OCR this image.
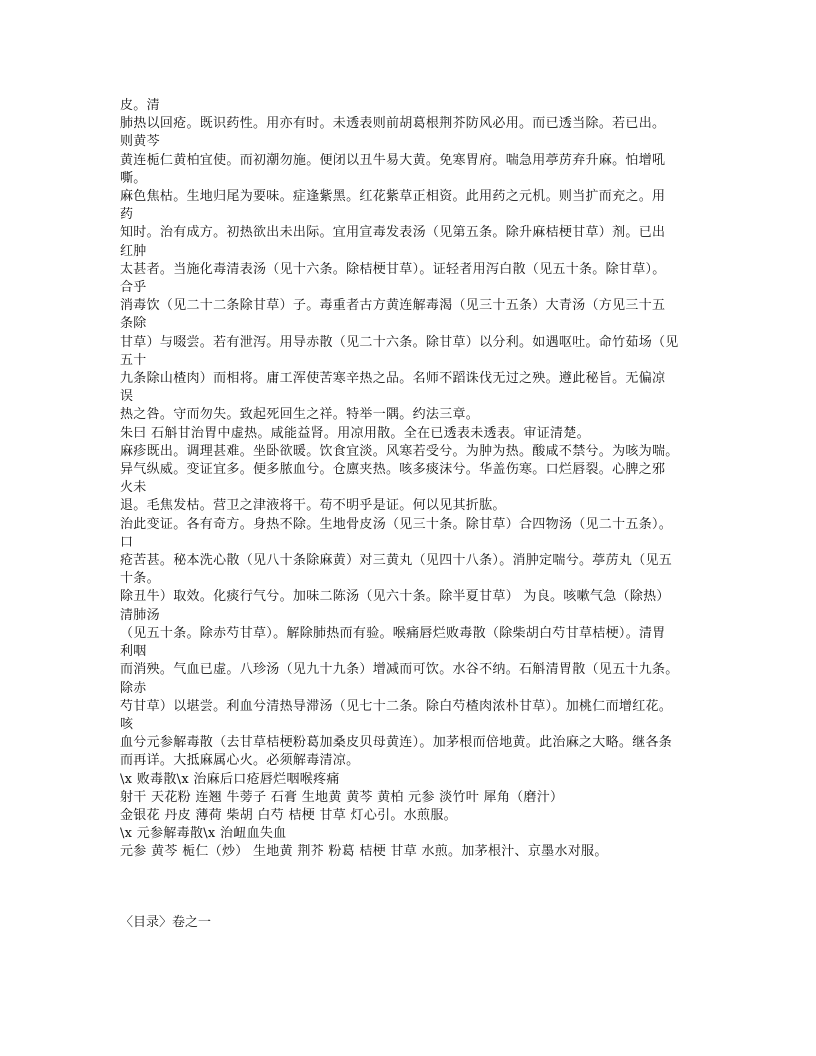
皮。清
肺热以回疮。既识药性。用亦有时。未透表则前胡葛根荆芥防风必用。而已透当除。若已出。
则黄芩
黄连栀仁黄柏宜使。而初潮勿施。便闭以丑牛易大黄。免寒胃府。喘急用葶苈弃升麻。怕增吼
嘶。
麻色焦枯。生地归尾为要味。症逢紫黑。红花紫草正相资。此用药之元机。则当扩而充之。用
药
知时。治有成方。初热欲出未出际。宜用宣毒发表汤（见第五条。除升麻桔梗甘草）剂。已出
红肿
太甚者。当施化毒清表汤（见十六条。除桔梗甘草）。证轻者用泻白散（见五十条。除甘草）。
合乎
消毒饮（见二十二条除甘草）子。毒重者古方黄连解毒渴（见三十五条）大青汤（方见三十五
条除
甘草）与啜尝。若有泄泻。用导赤散（见二十六条。除甘草）以分利。如遇呕吐。命竹茹场（见
五十
九条除山楂肉）而相将。庸工浑使苦寒辛热之品。名师不蹈诛伐无过之殃。遵此秘旨。无偏凉
误
热之咎。守而勿失。致起死回生之祥。特举一隅。约法三章。
朱曰 石斛甘治胃中虚热。咸能益肾。用凉用散。全在已透表未透表。审证清楚。
麻疹既出。调理甚难。坐卧欲暖。饮食宜淡。风寒若受兮。为肿为热。酸咸不禁兮。为咳为喘。
异气纵威。变证宜多。便多脓血兮。仓廪夹热。咳多痰沫兮。华盖伤寒。口烂唇裂。心脾之邪
火未
退。毛焦发枯。营卫之津液将干。苟不明乎是证。何以见其折肱。
治此变证。各有奇方。身热不除。生地骨皮汤（见三十条。除甘草）合四物汤（见二十五条）。
口
疮苦甚。秘本洗心散（见八十条除麻黄）对三黄丸（见四十八条）。消肿定喘兮。葶苈丸（见五
十条。
除丑牛）取效。化痰行气兮。加味二陈汤（见六十条。除半夏甘草） 为良。咳嗽气急（除热）
清肺汤
（见五十条。除赤芍甘草）。解除肺热而有验。喉痛唇烂败毒散（除柴胡白芍甘草桔梗）。清胃
利咽
而消殃。气血已虚。八珍汤（见九十九条）增减而可饮。水谷不纳。石斛清胃散（见五十九条。
除赤
芍甘草）以堪尝。利血兮清热导滞汤（见七十二条。除白芍楂肉浓朴甘草）。加桃仁而增红花。
咳
血兮元参解毒散（去甘草桔梗粉葛加桑皮贝母黄连）。加茅根而倍地黄。此治麻之大略。继各条
而再详。大抵麻属心火。必须解毒清凉。
\x 败毒散\x 治麻后口疮唇烂咽喉疼痛
射干 天花粉 连翘 牛蒡子 石膏 生地黄 黄芩 黄柏 元参 淡竹叶 犀角（磨汁）
金银花 丹皮 薄荷 柴胡 白芍 桔梗 甘草 灯心引。水煎服。
\x 元参解毒散\x 治衄血失血
元参 黄芩 栀仁（炒） 生地黄 荆芥 粉葛 桔梗 甘草 水煎。加茅根汁、京墨水对服。
〈目录〉卷之一
